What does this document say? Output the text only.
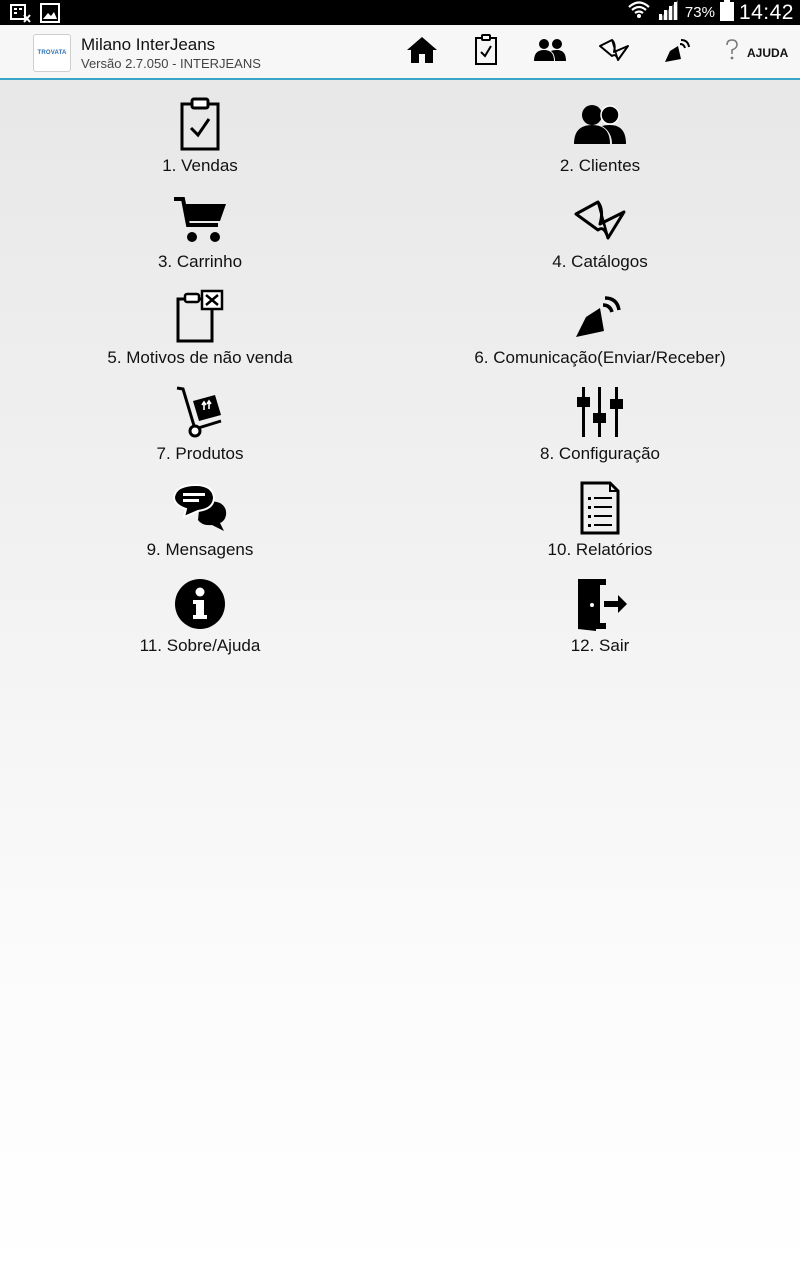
73% 14:42
TROVATA Milano InterJeans
Versão 2.7.050 - INTERJEANS
AJUDA
1. Vendas	2. Clientes
3. Carrinho	4. Catálogos
5. Motivos de não venda	6. Comunicação(Enviar/Receber)
7. Produtos	8. Configuração
9. Mensagens	10. Relatórios
11. Sobre/Ajuda	12. Sair
